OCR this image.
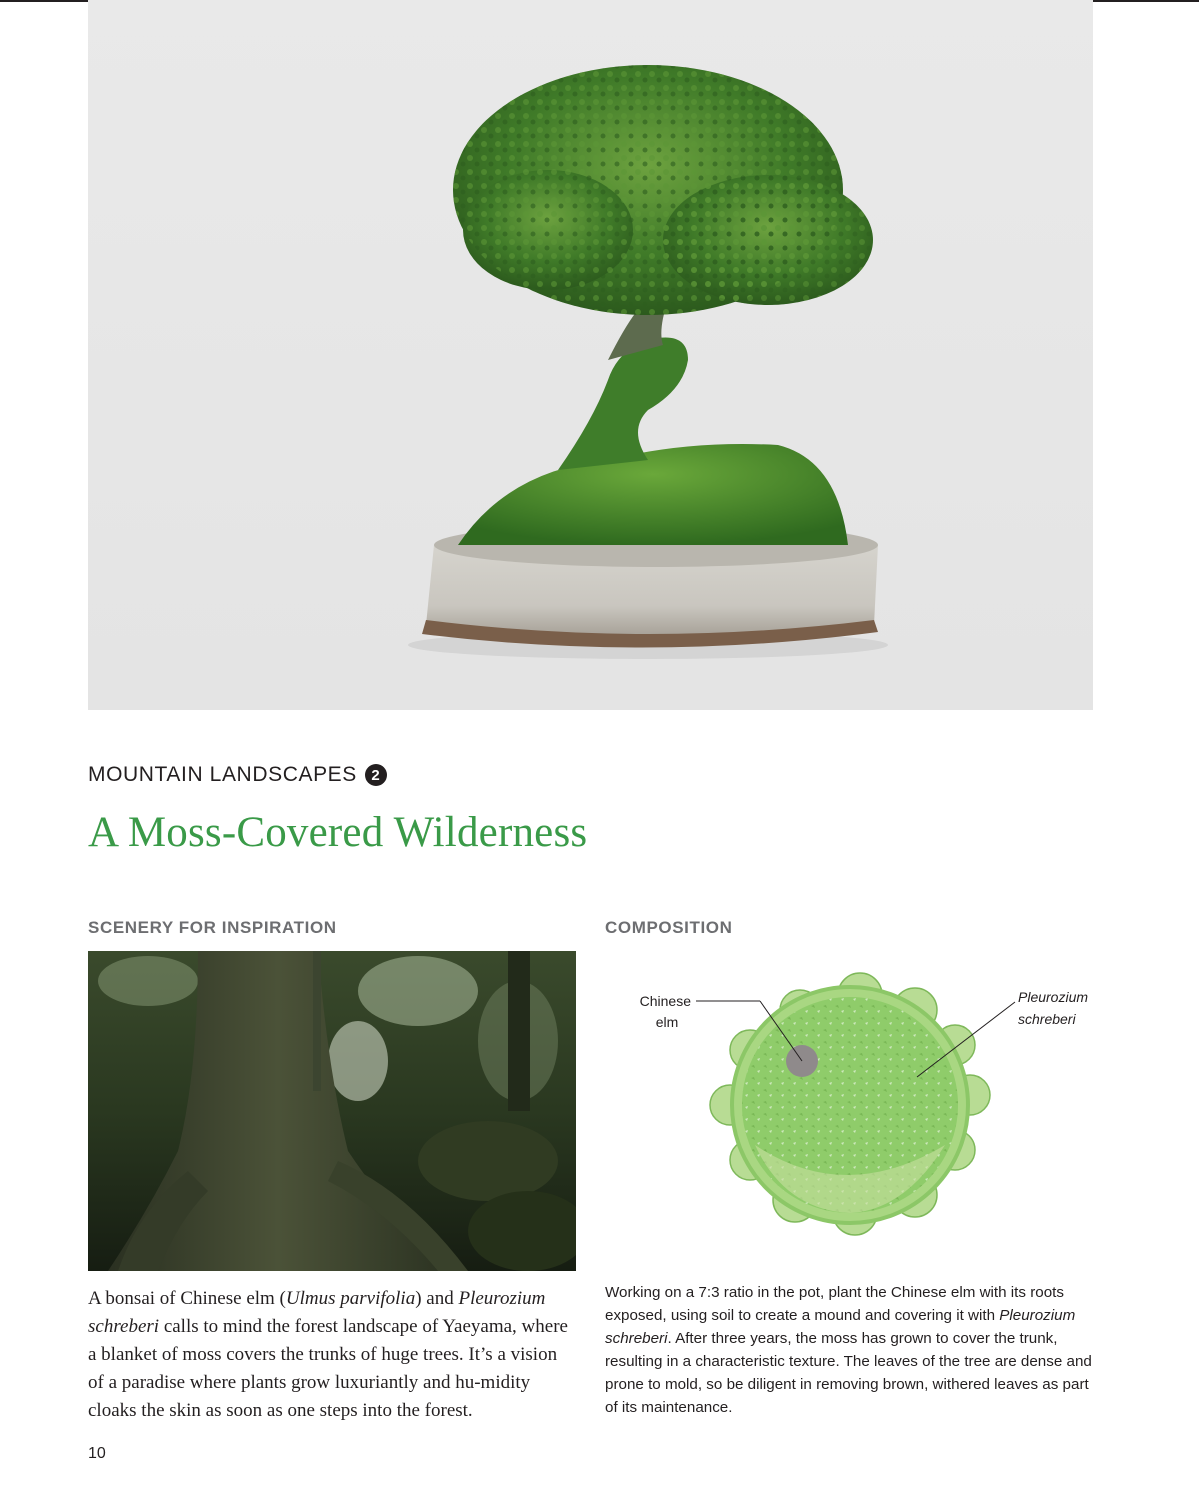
MOUNTAIN LANDSCAPES 2
A Moss-Covered Wilderness
SCENERY FOR INSPIRATION	COMPOSITION
Chinese
elm
Pleurozium
schreberi

A bonsai of Chinese elm (Ulmus parvifolia) and Pleurozium schreberi calls to mind the forest landscape of Yaeyama, where a blanket of moss covers the trunks of huge trees. It’s a vision of a paradise where plants grow luxuriantly and hu-midity cloaks the skin as soon as one steps into the forest.

Working on a 7:3 ratio in the pot, plant the Chinese elm with its roots exposed, using soil to create a mound and covering it with Pleurozium schreberi. After three years, the moss has grown to cover the trunk, resulting in a characteristic texture. The leaves of the tree are dense and prone to mold, so be diligent in removing brown, withered leaves as part of its maintenance.

10
